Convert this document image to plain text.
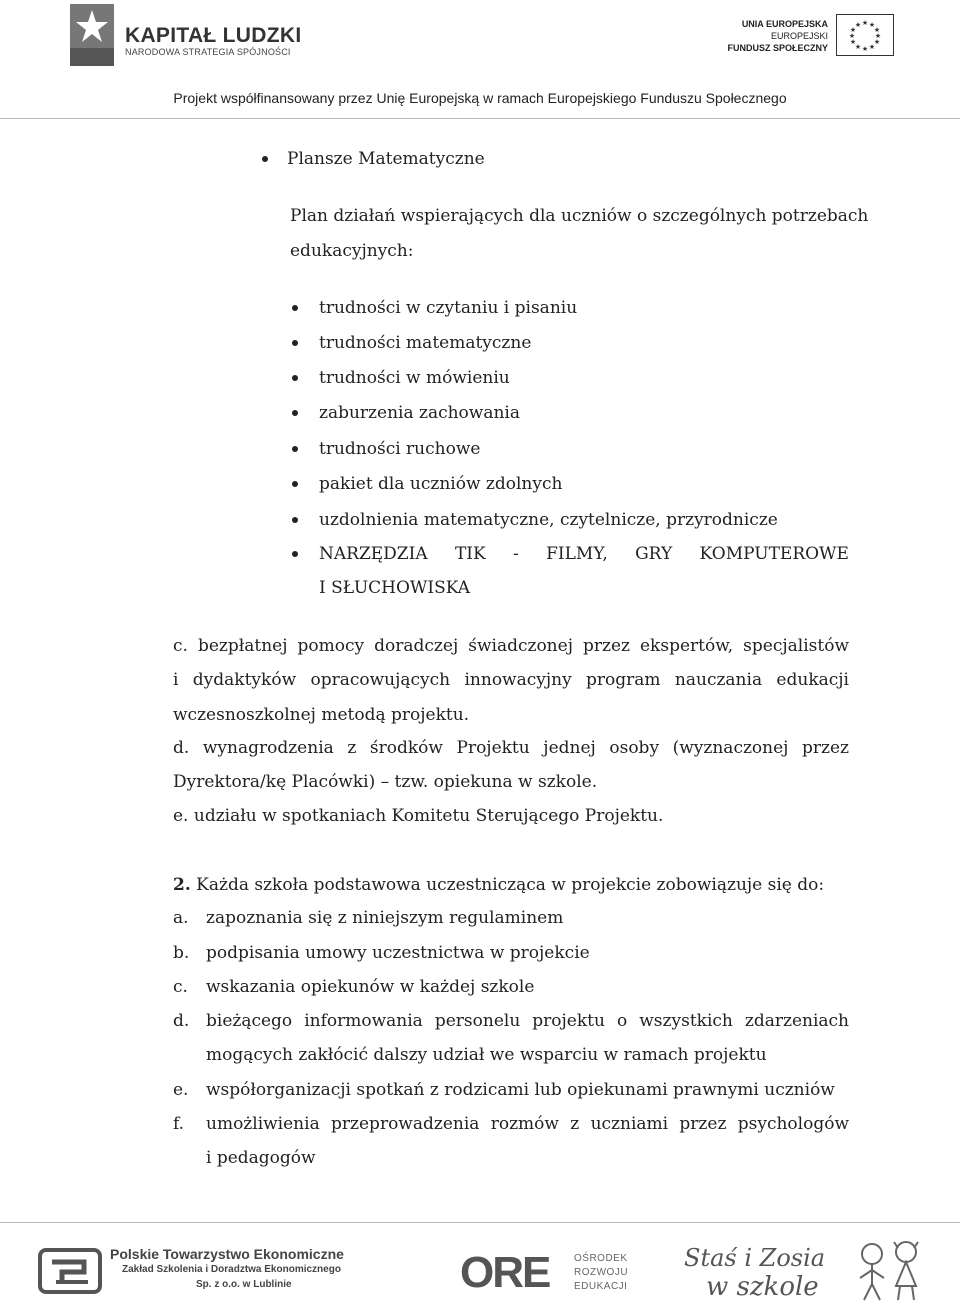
KAPITAŁ LUDZKI
NARODOWA STRATEGIA SPÓJNOŚCI
UNIA EUROPEJSKA
EUROPEJSKI
FUNDUSZ SPOŁECZNY
★ ★
★
★
★
★
★
★
★
★
★
★
Projekt współfinansowany przez Unię Europejską w ramach Europejskiego Funduszu Społecznego
Plansze Matematyczne
Plan działań wspierających dla uczniów o szczególnych potrzebach
edukacyjnych:
trudności w czytaniu i pisaniu
trudności matematyczne
trudności w mówieniu
zaburzenia zachowania
trudności ruchowe
pakiet dla uczniów zdolnych
uzdolnienia matematyczne, czytelnicze, przyrodnicze
NARZĘDZIA TIK - FILMY, GRY KOMPUTEROWE
I SŁUCHOWISKA
c. bezpłatnej pomocy doradczej świadczonej przez ekspertów, specjalistów
i dydaktyków opracowujących innowacyjny program nauczania edukacji
wczesnoszkolnej metodą projektu.
d. wynagrodzenia z środków Projektu jednej osoby (wyznaczonej przez
Dyrektora/kę Placówki) – tzw. opiekuna w szkole.
e. udziału w spotkaniach Komitetu Sterującego Projektu.
2. Każda szkoła podstawowa uczestnicząca w projekcie zobowiązuje się do:
a. zapoznania się z niniejszym regulaminem
b. podpisania umowy uczestnictwa w projekcie
c. wskazania opiekunów w każdej szkole
d. bieżącego informowania personelu projektu o wszystkich zdarzeniach
mogących zakłócić dalszy udział we wsparciu w ramach projektu
e. współorganizacji spotkań z rodzicami lub opiekunami prawnymi uczniów
f. umożliwienia przeprowadzenia rozmów z uczniami przez psychologów
i pedagogów
Polskie Towarzystwo Ekonomiczne
Zakład Szkolenia i Doradztwa Ekonomicznego
Sp. z o.o. w Lublinie	ORE OŚRODEK
ROZWOJU
EDUKACJI
Staś i Zosia
w szkole
